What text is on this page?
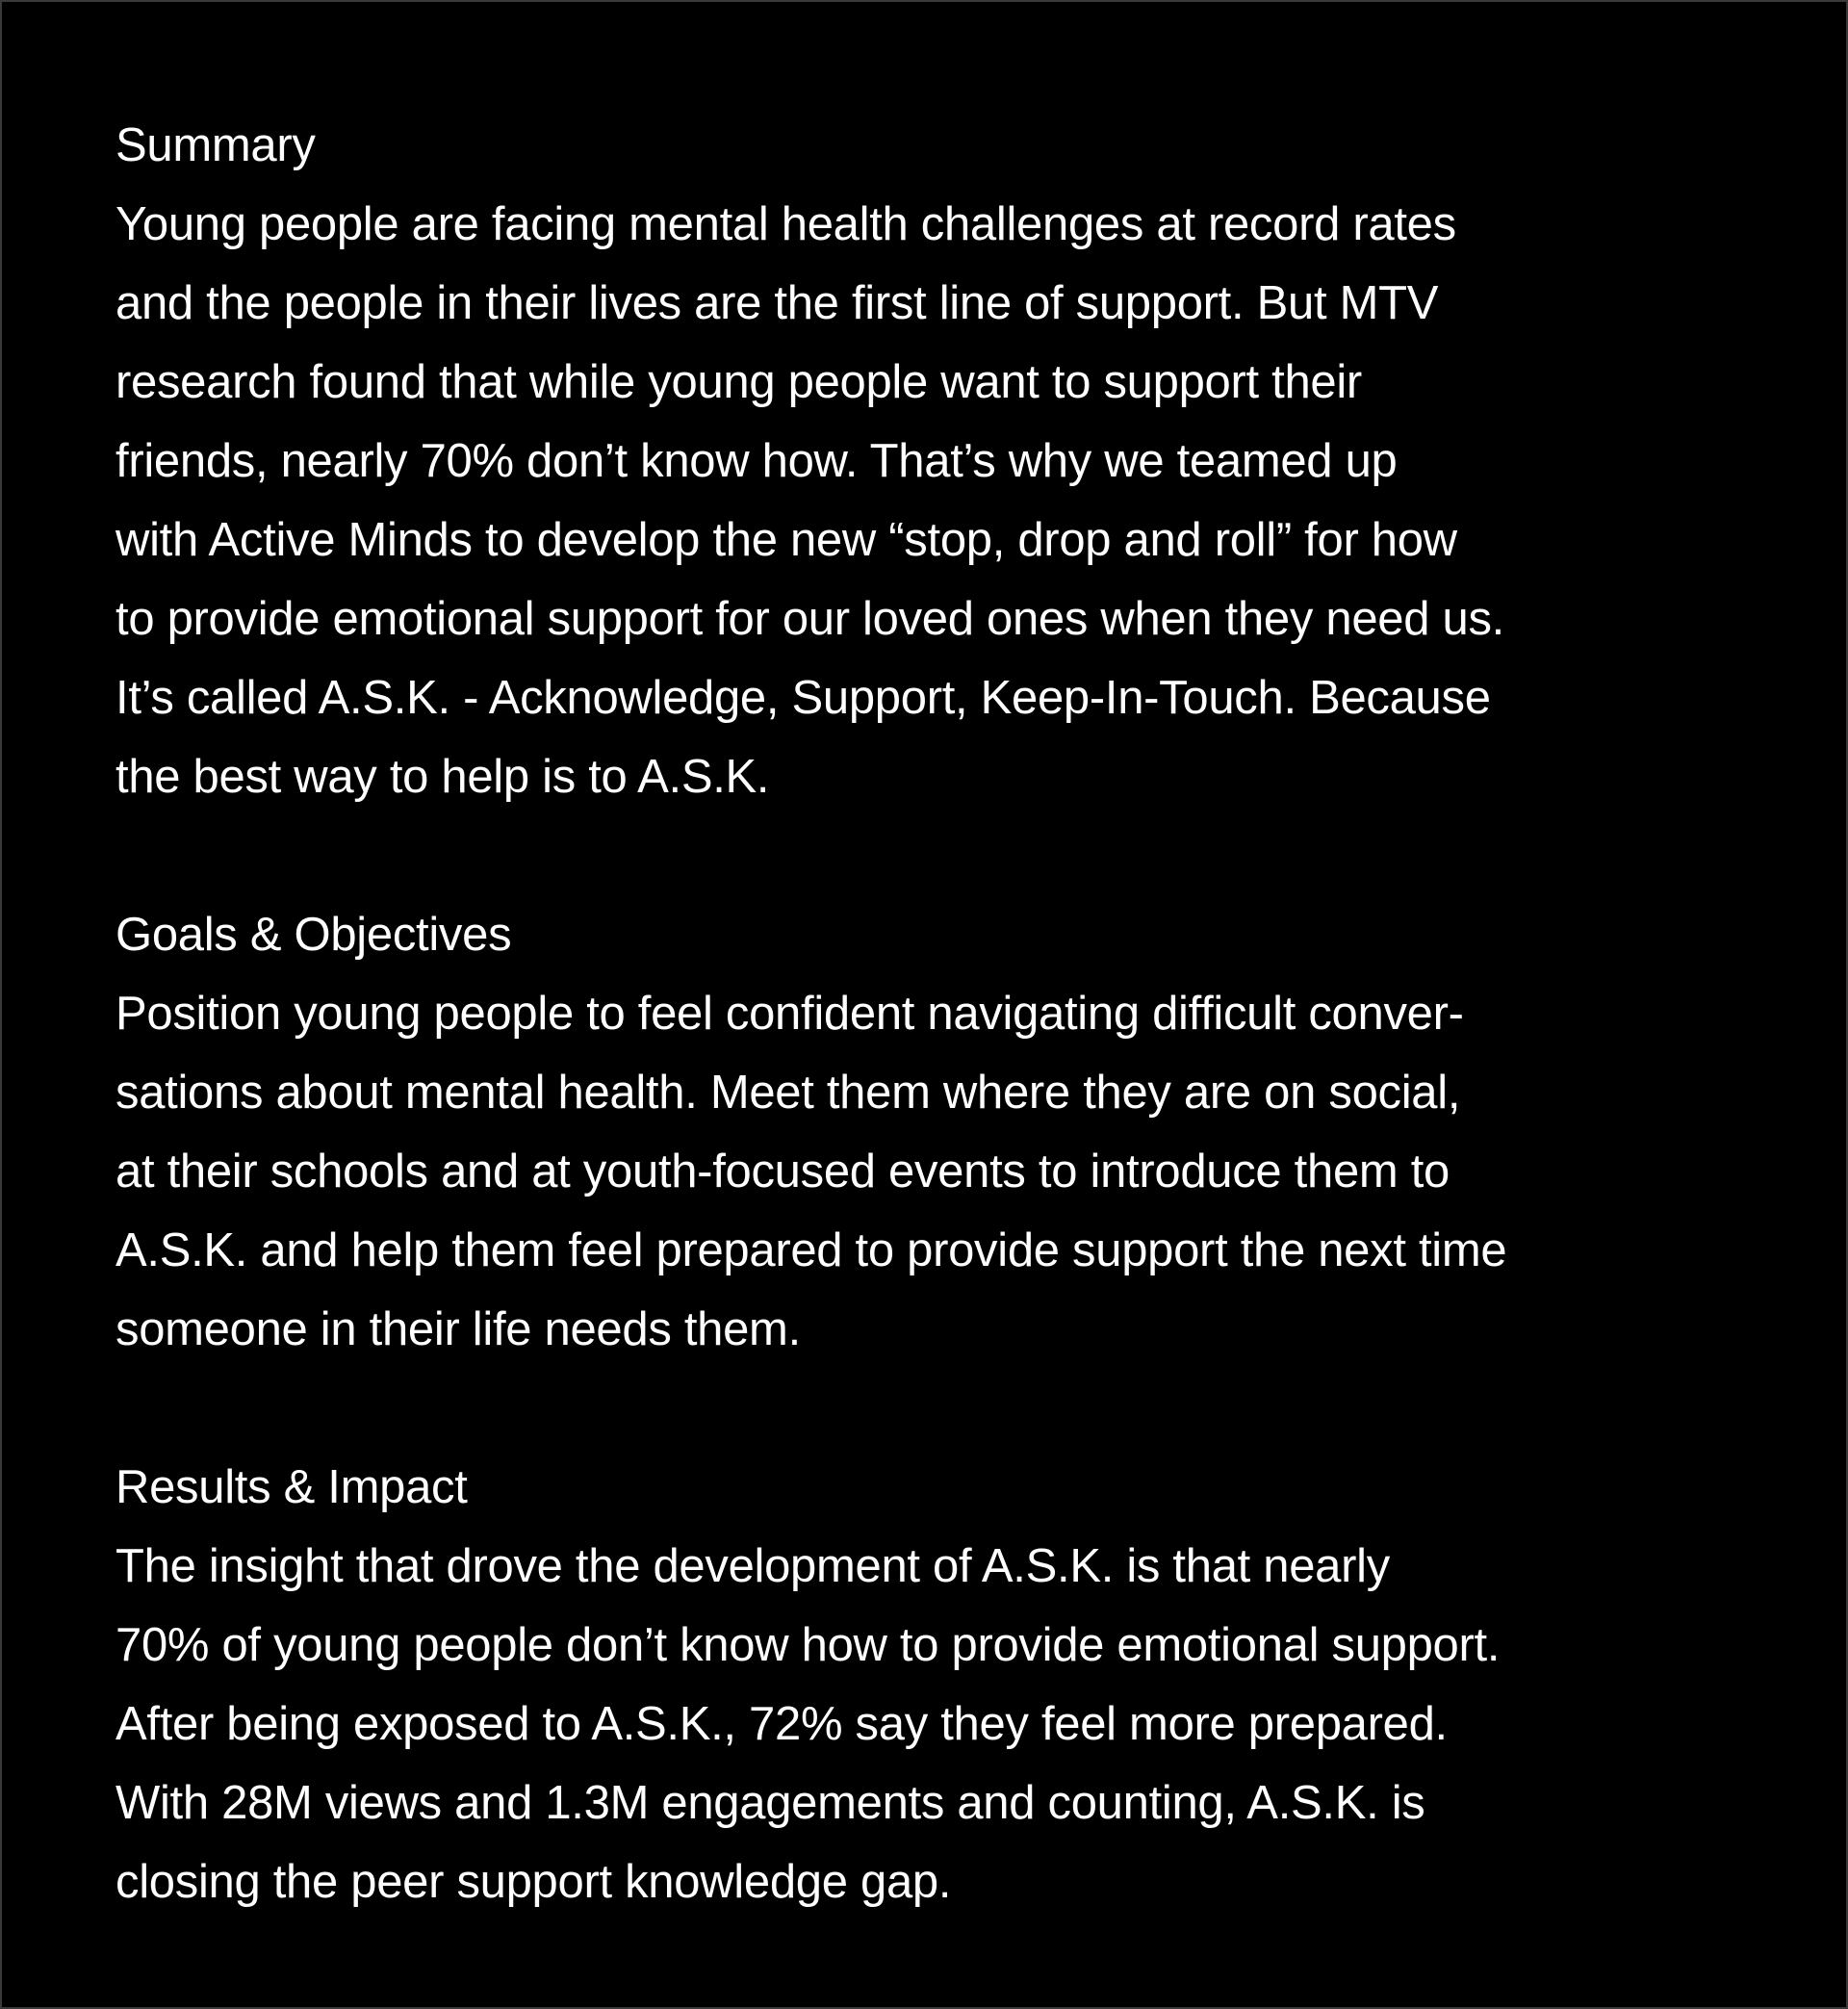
Summary

Young people are facing mental health challenges at record rates
and the people in their lives are the first line of support. But MTV
research found that while young people want to support their
friends, nearly 70% don’t know how. That’s why we teamed up
with Active Minds to develop the new “stop, drop and roll” for how
to provide emotional support for our loved ones when they need us.
It’s called A.S.K. - Acknowledge, Support, Keep-In-Touch. Because
the best way to help is to A.S.K.

Goals & Objectives

Position young people to feel confident navigating difficult conver-
sations about mental health. Meet them where they are on social,
at their schools and at youth-focused events to introduce them to
A.S.K. and help them feel prepared to provide support the next time
someone in their life needs them.

Results & Impact

The insight that drove the development of A.S.K. is that nearly
70% of young people don’t know how to provide emotional support.
After being exposed to A.S.K., 72% say they feel more prepared.
With 28M views and 1.3M engagements and counting, A.S.K. is
closing the peer support knowledge gap.
